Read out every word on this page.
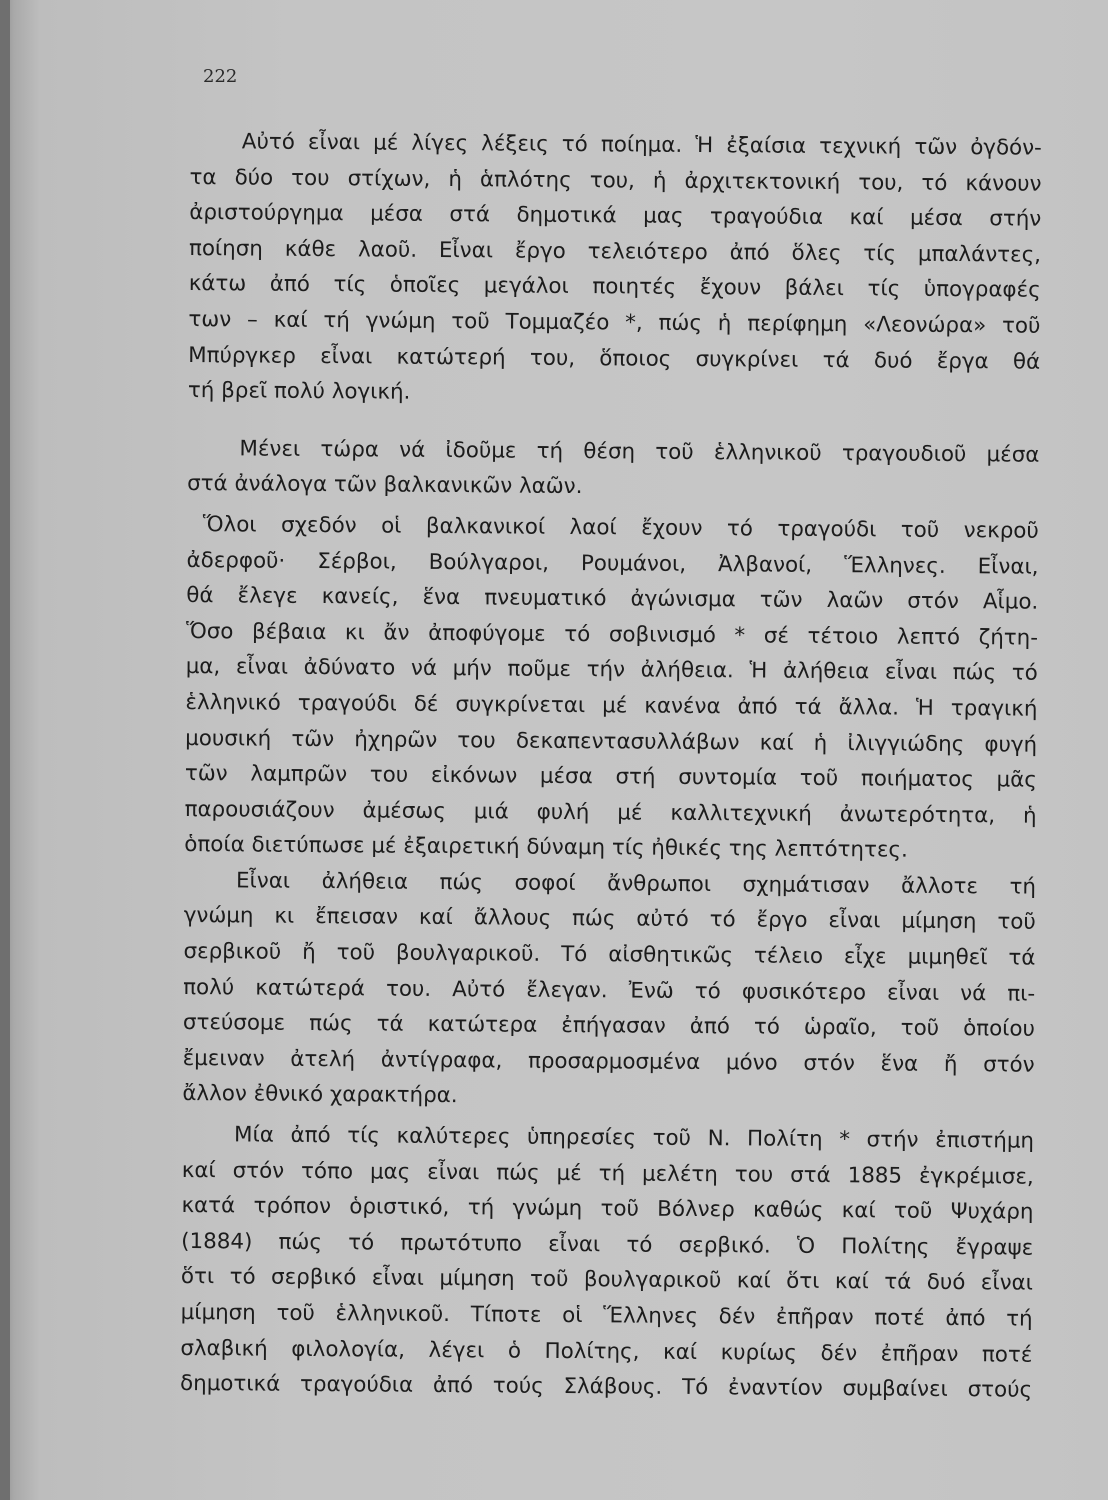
222
Αὐτό εἶναι μέ λίγες λέξεις τό ποίημα. Ἡ ἐξαίσια τεχνική τῶν ὀγδόν-
τα δύο του στίχων, ἡ ἁπλότης του, ἡ ἀρχιτεκτονική του, τό κάνουν
ἀριστούργημα μέσα στά δημοτικά μας τραγούδια καί μέσα στήν
ποίηση κάθε λαοῦ. Εἶναι ἔργο τελειότερο ἀπό ὅλες τίς μπαλάντες,
κάτω ἀπό τίς ὁποῖες μεγάλοι ποιητές ἔχουν βάλει τίς ὑπογραφές
των – καί τή γνώμη τοῦ Τομμαζέο *, πώς ἡ περίφημη «Λεονώρα» τοῦ
Μπύργκερ εἶναι κατώτερή του, ὅποιος συγκρίνει τά δυό ἔργα θά
τή βρεῖ πολύ λογική.
Μένει τώρα νά ἰδοῦμε τή θέση τοῦ ἑλληνικοῦ τραγουδιοῦ μέσα
στά ἀνάλογα τῶν βαλκανικῶν λαῶν.
Ὅλοι σχεδόν οἱ βαλκανικοί λαοί ἔχουν τό τραγούδι τοῦ νεκροῦ
ἀδερφοῦ· Σέρβοι, Βούλγαροι, Ρουμάνοι, Ἀλβανοί, Ἕλληνες. Εἶναι,
θά ἔλεγε κανείς, ἕνα πνευματικό ἀγώνισμα τῶν λαῶν στόν Αἷμο.
Ὅσο βέβαια κι ἄν ἀποφύγομε τό σοβινισμό * σέ τέτοιο λεπτό ζήτη-
μα, εἶναι ἀδύνατο νά μήν ποῦμε τήν ἀλήθεια. Ἡ ἀλήθεια εἶναι πώς τό
ἑλληνικό τραγούδι δέ συγκρίνεται μέ κανένα ἀπό τά ἄλλα. Ἡ τραγική
μουσική τῶν ἠχηρῶν του δεκαπεντασυλλάβων καί ἡ ἰλιγγιώδης φυγή
τῶν λαμπρῶν του εἰκόνων μέσα στή συντομία τοῦ ποιήματος μᾶς
παρουσιάζουν ἀμέσως μιά φυλή μέ καλλιτεχνική ἀνωτερότητα, ἡ
ὁποία διετύπωσε μέ ἐξαιρετική δύναμη τίς ἠθικές της λεπτότητες.
Εἶναι ἀλήθεια πώς σοφοί ἄνθρωποι σχημάτισαν ἄλλοτε τή
γνώμη κι ἔπεισαν καί ἄλλους πώς αὐτό τό ἔργο εἶναι μίμηση τοῦ
σερβικοῦ ἤ τοῦ βουλγαρικοῦ. Τό αἰσθητικῶς τέλειο εἶχε μιμηθεῖ τά
πολύ κατώτερά του. Αὐτό ἔλεγαν. Ἐνῶ τό φυσικότερο εἶναι νά πι-
στεύσομε πώς τά κατώτερα ἐπήγασαν ἀπό τό ὡραῖο, τοῦ ὁποίου
ἔμειναν ἀτελή ἀντίγραφα, προσαρμοσμένα μόνο στόν ἕνα ἤ στόν
ἄλλον ἐθνικό χαρακτήρα.
Μία ἀπό τίς καλύτερες ὑπηρεσίες τοῦ Ν. Πολίτη * στήν ἐπιστήμη
καί στόν τόπο μας εἶναι πώς μέ τή μελέτη του στά 1885 ἐγκρέμισε,
κατά τρόπον ὁριστικό, τή γνώμη τοῦ Βόλνερ καθώς καί τοῦ Ψυχάρη
(1884) πώς τό πρωτότυπο εἶναι τό σερβικό. Ὁ Πολίτης ἔγραψε
ὅτι τό σερβικό εἶναι μίμηση τοῦ βουλγαρικοῦ καί ὅτι καί τά δυό εἶναι
μίμηση τοῦ ἑλληνικοῦ. Τίποτε οἱ Ἕλληνες δέν ἐπῆραν ποτέ ἀπό τή
σλαβική φιλολογία, λέγει ὁ Πολίτης, καί κυρίως δέν ἐπῆραν ποτέ
δημοτικά τραγούδια ἀπό τούς Σλάβους. Τό ἐναντίον συμβαίνει στούς
